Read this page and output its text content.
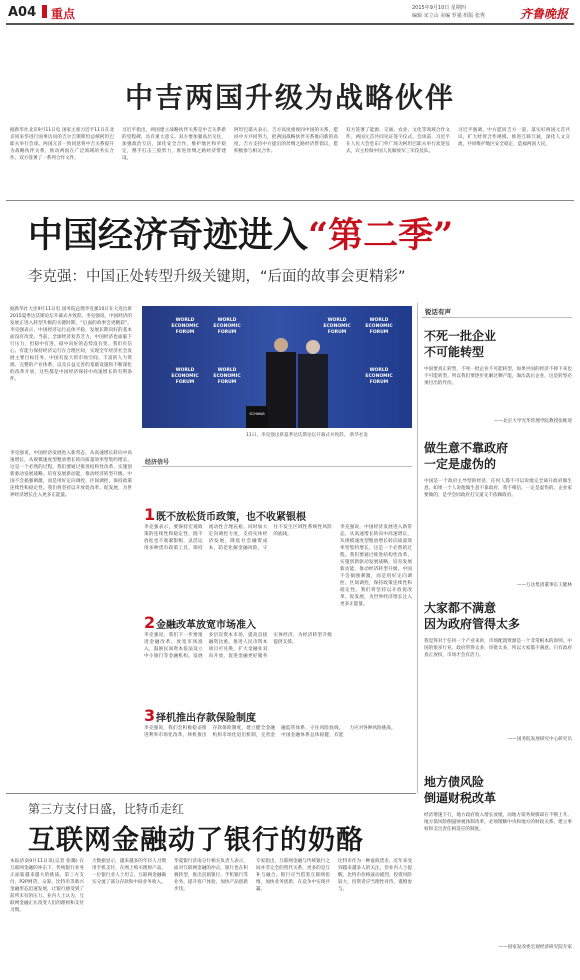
A04 重点	2015年9月10日 星期四
编辑 宋立山 美编 罗强 组版 张秀	齐鲁晚报
中吉两国升级为战略伙伴
据新华社北京9月11日电 国家主席习近平11日在北京同来华进行国事访问的吉尔吉斯斯坦总统阿坦巴耶夫举行会谈。两国元首一致同意将中吉关系提升为战略伙伴关系，推动两国在广泛领域的务实合作。双方签署了一系列合作文件。
习近平指出，两国建立战略伙伴关系是中吉关系新的里程碑，具有重大意义。双方要加强高层交往，加强政治互信，深化安全合作，维护地区和平稳定，携手打击三股势力，推进丝绸之路经济带建设。
阿坦巴耶夫表示，吉方高度重视同中国的关系，愿同中方共同努力，把两国战略伙伴关系推向新的高度。吉方支持中方提出的丝绸之路经济带倡议，愿积极参与相关合作。
双方签署了能源、交通、农业、文化等领域合作文件。两国元首共同见证签字仪式。会谈前，习近平在人民大会堂东门外广场为阿坦巴耶夫举行欢迎仪式，宾主检阅中国人民解放军三军仪仗队。
习近平强调，中方愿同吉方一道，落实好两国元首共识，扩大经贸合作规模，推进互联互通，深化人文交流，共同维护地区安全稳定，造福两国人民。
中国经济奇迹进入“第二季”
李克强：中国正处转型升级关键期，“后面的故事会更精彩”
据新华社大连9月11日电 国务院总理李克强10日在大连出席2015夏季达沃斯论坛开幕式并致辞。李克强说，中国经济的发展正进入转型升级的关键时期，“后面的故事会更精彩”。李克强表示，中国经济运行总体平稳，发展长期向好的基本面没有改变。当前，全球经济复苏乏力，中国经济也面临下行压力，但稳中有进、稳中向好的态势没有变。我们有信心、有能力保持经济运行在合理区间，实现全年经济社会发展主要目标任务。中国有庞大的市场空间、丰富的人力资源、完整的产业体系，以及日益完善的基础设施和不断深化的改革开放，这些都是中国经济保持中高速增长的有利条件。
李克强说，中国经济发展进入新常态，从高速增长转向中高速增长，从规模速度型粗放增长转向质量效率型集约增长，这是一个必然的过程。我们要通过推进结构性改革、实施创新驱动发展战略、培育发展新动能，推动经济转型升级。中国不会搞强刺激，而是用好定向调控、区间调控，保持政策连续性和稳定性。我们将坚持以开放促改革、促发展，为世界经济增长注入更多正能量。
WORLD ECONOMIC FORUM
WORLD ECONOMIC FORUM
WORLD ECONOMIC FORUM
WORLD ECONOMIC FORUM
WORLD ECONOMIC FORUM
WORLD ECONOMIC FORUM
WORLD ECONOMIC FORUM
SCHWAB
11日，李克强出席夏季达沃斯论坛开幕式并致辞。 新华社发
经济信号
1 既不放松货币政策，也不收紧银根
李克强表示，要保持宏观政策的连续性和稳定性，既不放松也不收紧银根，灵活运用多种货币政策工具，保持流动性合理充裕。同时加大定向调控力度，支持实体经济发展，降低社会融资成本，防范化解金融风险，守住不发生区域性系统性风险的底线。
2 金融改革放宽市场准入
李克强说，我们下一步要推进金融改革，放宽市场准入，鼓励民间资本依法设立中小银行等金融机构。发展多层次资本市场，提高直接融资比重。推进人民币资本项目可兑换，扩大金融业双向开放，促进金融更好服务实体经济，为经济转型升级提供支撑。
3 择机推出存款保险制度
李克强说，我们会积极稳妥推进利率市场化改革，择机推出存款保险制度，建立健全金融机构市场化退出机制，完善金融监管体系，守住风险底线。中国金融体系总体稳健，有能力应对各种风险挑战。
李克强说，中国经济发展进入新常态，从高速增长转向中高速增长，从规模速度型粗放增长转向质量效率型集约增长，这是一个必然的过程。我们要通过推进结构性改革、实施创新驱动发展战略、培育发展新动能，推动经济转型升级。中国不会搞强刺激，而是用好定向调控、区间调控，保持政策连续性和稳定性。我们将坚持以开放促改革、促发展，为世界经济增长注入更多正能量。
锐话有声
不死一批企业
不可能转型
中国要真正转型，不死一批企业不可能转型，如果中国的经济不掉下来也不可能转型。所以我们要逐步化解过剩产能，淘汰落后企业，这是转型必须付出的代价。
——北京大学光华管理学院教授张维迎
做生意不靠政府
一定是虚伪的
中国是一个政府主导型的经济，任何人都不可以说他完全离开政府做生意。如果一个人说他做生意不靠政府，我不相信，一定是虚伪的。企业家要做的，是学会同政府打交道又不依赖政府。
——万达集团董事长王健林
大家都不满意
因为政府管得太多
我觉得对于任何一个产业来讲，市场配置资源是一个非常根本的原则。中国的很多行业，政府管得太多，审批太多，所以大家都不满意。只有政府真正放权，市场才会有活力。
——国务院发展研究中心研究员
地方债风险
倒逼财税改革
经济增速下行，地方政府收入增长放缓，而地方债务规模却在不断上升。地方债风险倒逼财税体制改革，必须理顺中央和地方的财政关系，建立事权和支出责任相适应的制度。
——国家发改委宏观经济研究院专家
第三方支付日盛，比特币走红
互联网金融动了银行的奶酪
本报济南9月11日讯(记者 张璐) 在互联网金融的冲击下，传统银行业务正面临越来越大的挑战。第三方支付、P2P网贷、众筹、比特币等新兴金融形态迅速发展，让银行感受到了前所未有的压力。业内人士认为，互联网金融正在改变人们的理财和支付习惯。
大数据显示，越来越多的年轻人习惯用手机支付，在网上购买理财产品。一位银行业人士坦言，互联网金融确实分流了部分存款和中间业务收入。
华夏银行济南分行相关负责人表示，面对互联网金融的冲击，银行也在积极转型，推出直销银行、手机银行等业务，提升客户体验，加快产品创新步伐。
专家指出，互联网金融与传统银行之间并非完全的替代关系，更多的是互补与融合。银行应当借鉴互联网思维，加快业务创新，在竞争中实现共赢。
比特币作为一种虚拟货币，近年来受到越来越多人的关注。但业内人士提醒，比特币价格波动剧烈，投资风险较大，投资者应当理性对待，谨慎参与。
